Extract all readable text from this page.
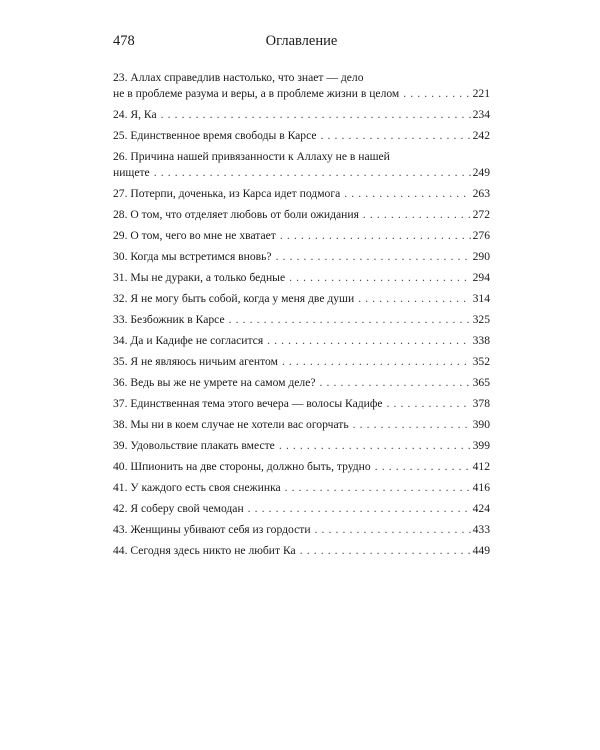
478	Оглавление
23. Аллах справедлив настолько, что знает — дело
не в проблеме разума и веры, а в проблеме жизни в целом . . .	221
24. Я, Ка . . .	234
25. Единственное время свободы в Карсе . . .	242
26. Причина нашей привязанности к Аллаху не в нашей
нищете . . .	249
27. Потерпи, доченька, из Карса идет подмога . . .	263
28. О том, что отделяет любовь от боли ожидания . . .	272
29. О том, чего во мне не хватает . . .	276
30. Когда мы встретимся вновь? . . .	290
31. Мы не дураки, а только бедные . . .	294
32. Я не могу быть собой, когда у меня две души . . .	314
33. Безбожник в Карсе . . .	325
34. Да и Кадифе не согласится . . .	338
35. Я не являюсь ничьим агентом . . .	352
36. Ведь вы же не умрете на самом деле? . . .	365
37. Единственная тема этого вечера — волосы Кадифе . . .	378
38. Мы ни в коем случае не хотели вас огорчать . . .	390
39. Удовольствие плакать вместе . . .	399
40. Шпионить на две стороны, должно быть, трудно . . .	412
41. У каждого есть своя снежинка . . .	416
42. Я соберу свой чемодан . . .	424
43. Женщины убивают себя из гордости . . .	433
44. Сегодня здесь никто не любит Ка . . .	449
